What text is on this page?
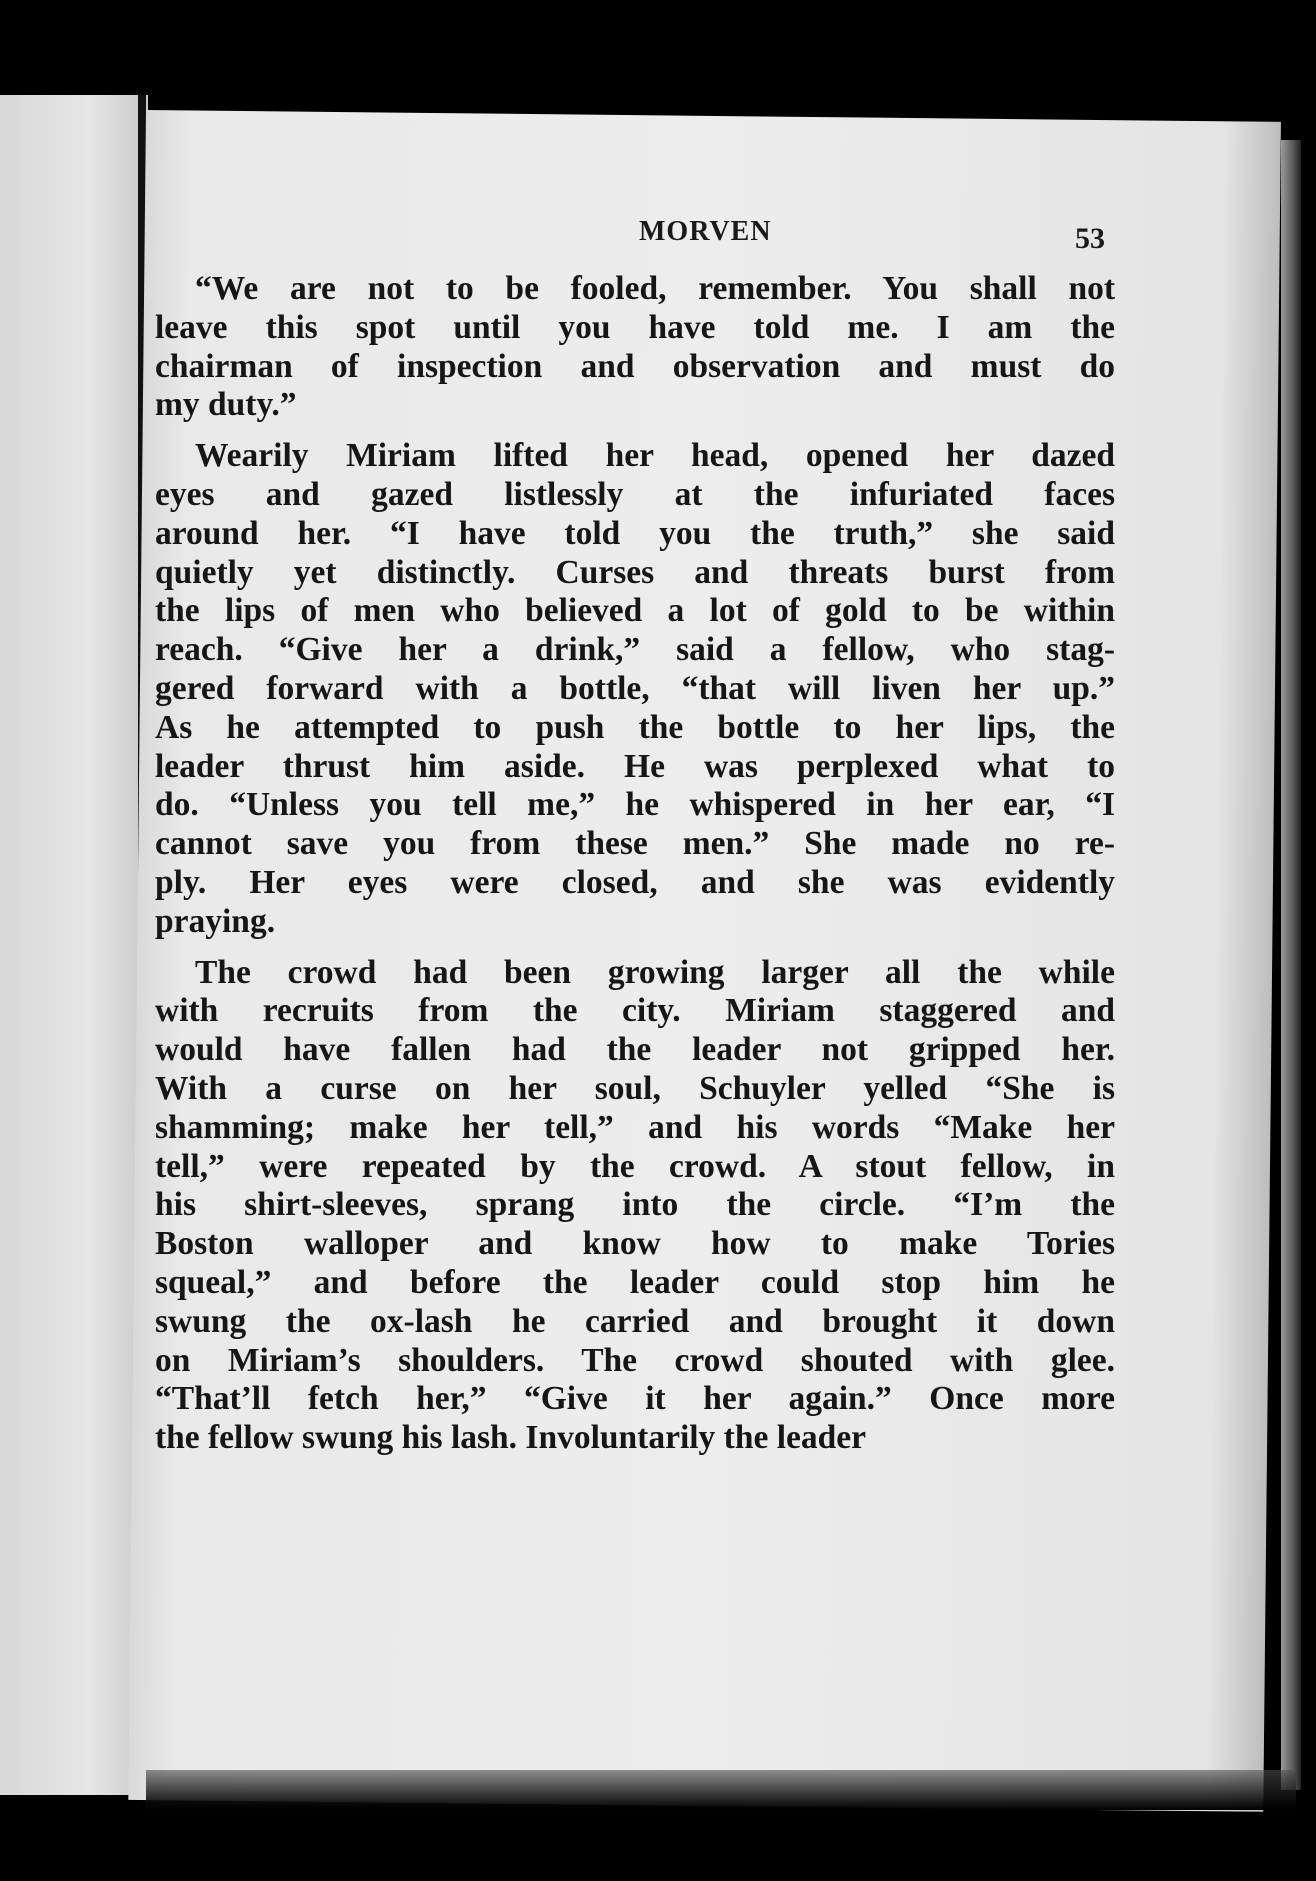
MORVEN	53
“We are not to be fooled, remember. You shall not
leave this spot until you have told me. I am the
chairman of inspection and observation and must do
my duty.”
Wearily Miriam lifted her head, opened her dazed
eyes and gazed listlessly at the infuriated faces
around her. “I have told you the truth,” she said
quietly yet distinctly. Curses and threats burst from
the lips of men who believed a lot of gold to be within
reach. “Give her a drink,” said a fellow, who stag-
gered forward with a bottle, “that will liven her up.”
As he attempted to push the bottle to her lips, the
leader thrust him aside. He was perplexed what to
do. “Unless you tell me,” he whispered in her ear, “I
cannot save you from these men.” She made no re-
ply. Her eyes were closed, and she was evidently
praying.
The crowd had been growing larger all the while
with recruits from the city. Miriam staggered and
would have fallen had the leader not gripped her.
With a curse on her soul, Schuyler yelled “She is
shamming; make her tell,” and his words “Make her
tell,” were repeated by the crowd. A stout fellow, in
his shirt-sleeves, sprang into the circle. “I’m the
Boston walloper and know how to make Tories
squeal,” and before the leader could stop him he
swung the ox-lash he carried and brought it down
on Miriam’s shoulders. The crowd shouted with glee.
“That’ll fetch her,” “Give it her again.” Once more
the fellow swung his lash. Involuntarily the leader
